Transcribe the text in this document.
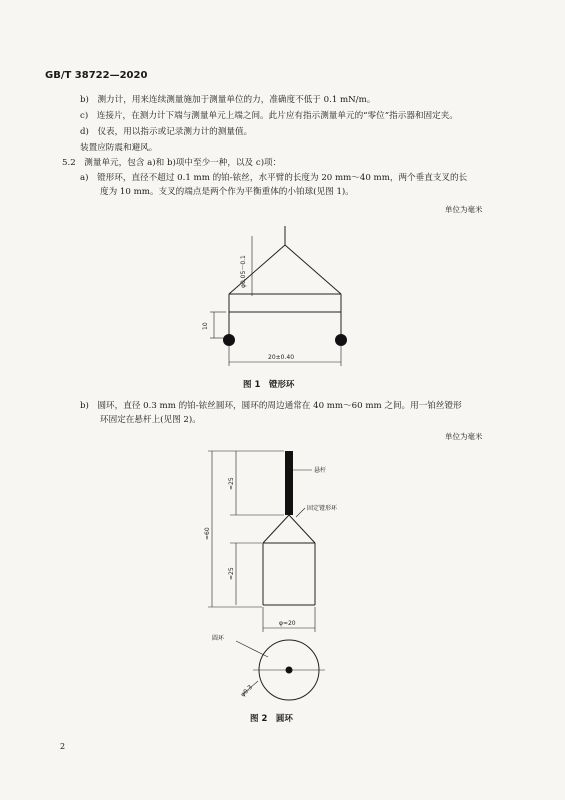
GB/T 38722—2020
b)　测力计，用来连续测量施加于测量单位的力，准确度不低于 0.1 mN/m。
c)　连接片，在测力计下端与测量单元上端之间。此片应有指示测量单元的“零位”指示器和固定夹。
d)　仪表，用以指示或记录测力计的测量值。
装置应防震和避风。
5.2　测量单元，包含 a)和 b)项中至少一种，以及 c)项：
a)　镫形环，直径不超过 0.1 mm 的铂-铱丝，水平臂的长度为 20 mm～40 mm，两个垂直支叉的长
度为 10 mm。支叉的端点是两个作为平衡重体的小铂球(见图 1)。
单位为毫米
φ0.05～0.1
10
20±0.40
图 1　镫形环
b)　圆环，直径 0.3 mm 的铂-铱丝圆环，圆环的周边通常在 40 mm～60 mm 之间。用一铂丝镫形
环固定在悬杆上(见图 2)。
单位为毫米
悬杆
固定镫形环
圆环
≈60
≈25
≈25
φ≈20
φ0.3
图 2　圆环
2
